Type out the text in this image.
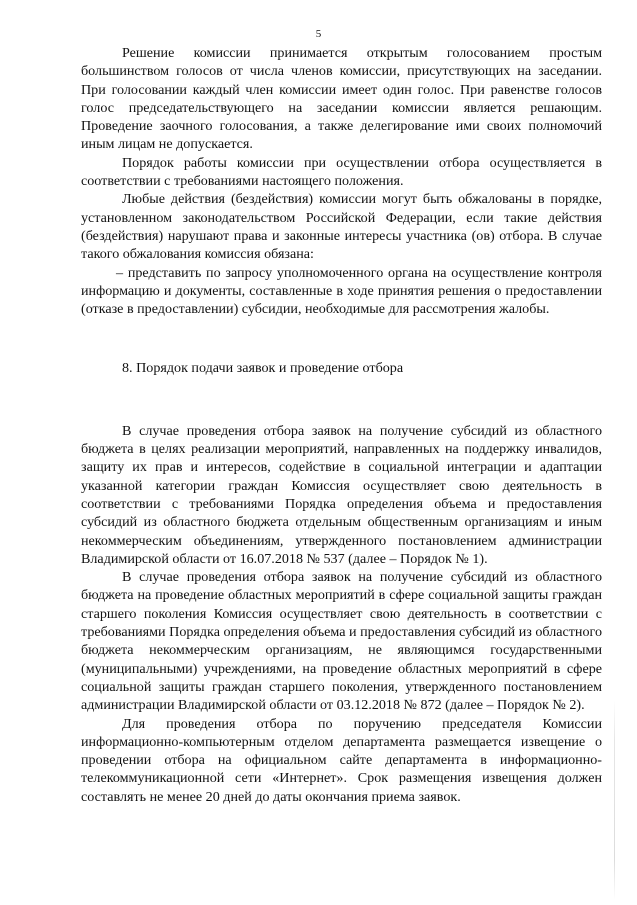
5

Решение комиссии принимается открытым голосованием простым большинством голосов от числа членов комиссии, присутствующих на заседании. При голосовании каждый член комиссии имеет один голос. При равенстве голосов голос председательствующего на заседании комиссии является решающим. Проведение заочного голосования, а также делегирование ими своих полномочий иным лицам не допускается.

Порядок работы комиссии при осуществлении отбора осуществляется в соответствии с требованиями настоящего положения.

Любые действия (бездействия) комиссии могут быть обжалованы в порядке, установленном законодательством Российской Федерации, если такие действия (бездействия) нарушают права и законные интересы участника (ов) отбора. В случае такого обжалования комиссия обязана:

– представить по запросу уполномоченного органа на осуществление контроля информацию и документы, составленные в ходе принятия решения о предоставлении (отказе в предоставлении) субсидии, необходимые для рассмотрения жалобы.

8. Порядок подачи заявок и проведение отбора

В случае проведения отбора заявок на получение субсидий из областного бюджета в целях реализации мероприятий, направленных на поддержку инвалидов, защиту их прав и интересов, содействие в социальной интеграции и адаптации указанной категории граждан Комиссия осуществляет свою деятельность в соответствии с требованиями Порядка определения объема и предоставления субсидий из областного бюджета отдельным общественным организациям и иным некоммерческим объединениям, утвержденного постановлением администрации Владимирской области от 16.07.2018 № 537 (далее – Порядок № 1).

В случае проведения отбора заявок на получение субсидий из областного бюджета на проведение областных мероприятий в сфере социальной защиты граждан старшего поколения Комиссия осуществляет свою деятельность в соответствии с требованиями Порядка определения объема и предоставления субсидий из областного бюджета некоммерческим организациям, не являющимся государственными (муниципальными) учреждениями, на проведение областных мероприятий в сфере социальной защиты граждан старшего поколения, утвержденного постановлением администрации Владимирской области от 03.12.2018 № 872 (далее – Порядок № 2).

Для проведения отбора по поручению председателя Комиссии информационно-компьютерным отделом департамента размещается извещение о проведении отбора на официальном сайте департамента в информационно-телекоммуникационной сети «Интернет». Срок размещения извещения должен составлять не менее 20 дней до даты окончания приема заявок.
